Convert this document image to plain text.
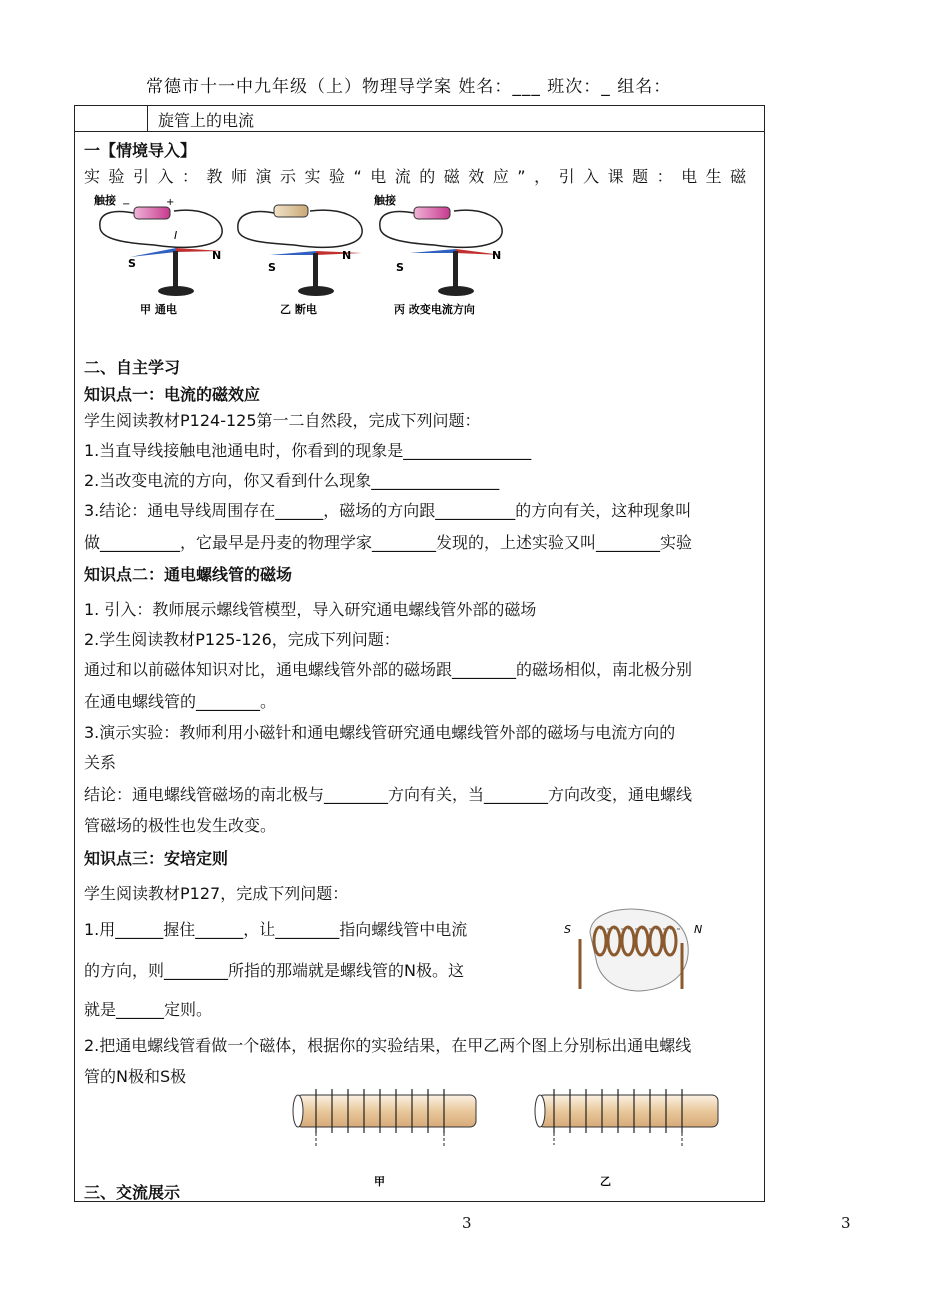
常德市十一中九年级（上）物理导学案 姓名：___ 班次：_ 组名：
旋管上的电流
一【情境导入】
实验引入：教师演示实验“电流的磁效应”，引入课题：电生磁
触接 −	+
I
S
N
甲 通电
S
N
乙 断电
触接
S
N
丙 改变电流方向
二、自主学习
知识点一：电流的磁效应
学生阅读教材P124-125第一二自然段，完成下列问题：
1.当直导线接触电池通电时，你看到的现象是________________
2.当改变电流的方向，你又看到什么现象________________
3.结论：通电导线周围存在______，磁场的方向跟__________的方向有关，这种现象叫
做__________，它最早是丹麦的物理学家________发现的，上述实验又叫________实验
知识点二：通电螺线管的磁场
1. 引入：教师展示螺线管模型，导入研究通电螺线管外部的磁场
2.学生阅读教材P125-126，完成下列问题：
通过和以前磁体知识对比，通电螺线管外部的磁场跟________的磁场相似，南北极分别
在通电螺线管的________。
3.演示实验：教师利用小磁针和通电螺线管研究通电螺线管外部的磁场与电流方向的
关系
结论：通电螺线管磁场的南北极与________方向有关，当________方向改变，通电螺线
管磁场的极性也发生改变。
知识点三：安培定则
学生阅读教材P127，完成下列问题：
1.用______握住______，让________指向螺线管中电流
的方向，则________所指的那端就是螺线管的N极。这
就是______定则。
S	N
2.把通电螺线管看做一个磁体，根据你的实验结果，在甲乙两个图上分别标出通电螺线
管的N极和S极
甲	乙
三、交流展示
3	3
